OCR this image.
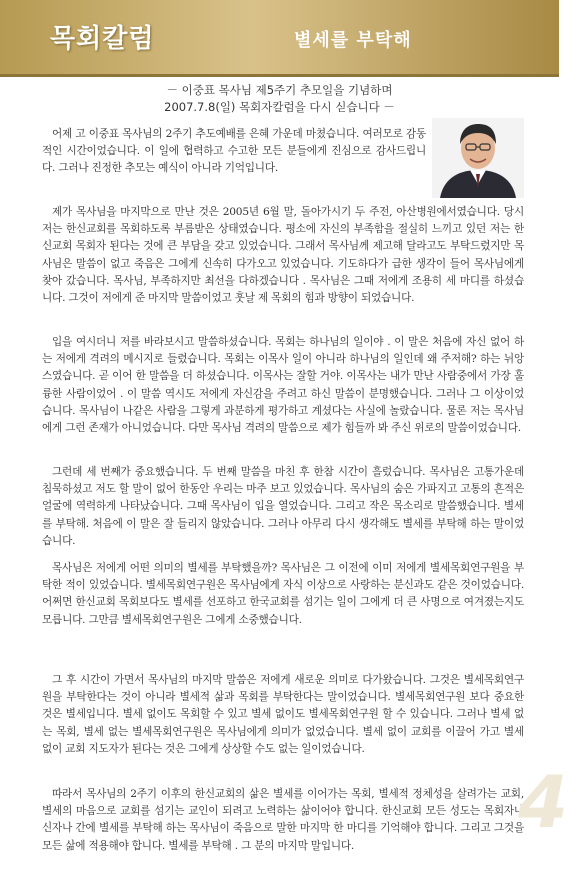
목회칼럼	별세를 부탁해
－ 이중표 목사님 제5주기 추모일을 기념하며
2007.7.8(일) 목회자칼럼을 다시 싣습니다 －

어제 고 이중표 목사님의 2주기 추도예배를 은혜 가운데 마쳤습니다. 여러모로 감동적인 시간이었습니다. 이 일에 협력하고 수고한 모든 분들에게 진심으로 감사드립니다. 그러나 진정한 추모는 예식이 아니라 기억입니다.

제가 목사님을 마지막으로 만난 것은 2005년 6월 말, 돌아가시기 두 주전, 아산병원에서였습니다. 당시 저는 한신교회를 목회하도록 부름받은 상태였습니다. 평소에 자신의 부족함을 절실히 느끼고 있던 저는 한신교회 목회자 된다는 것에 큰 부담을 갖고 있었습니다. 그래서 목사님께 제고해 달라고도 부탁드렸지만 목사님은 말씀이 없고 죽음은 그에게 신속히 다가오고 있었습니다. 기도하다가 급한 생각이 들어 목사님에게 찾아 갔습니다. 목사님, 부족하지만 최선을 다하겠습니다 . 목사님은 그때 저에게 조용히 세 마디를 하셨습니다. 그것이 저에게 준 마지막 말씀이었고 훗날 제 목회의 힘과 방향이 되었습니다.

입을 여시더니 저를 바라보시고 말씀하셨습니다. 목회는 하나님의 일이야 . 이 말은 처음에 자신 없어 하는 저에게 격려의 메시지로 들렸습니다. 목회는 이목사 일이 아니라 하나님의 일인데 왜 주저해? 하는 뉘앙스였습니다. 곧 이어 한 말씀을 더 하셨습니다. 이목사는 잘할 거야. 이목사는 내가 만난 사람중에서 가장 훌륭한 사람이었어 . 이 말씀 역시도 저에게 자신감을 주려고 하신 말씀이 분명했습니다. 그러나 그 이상이었습니다. 목사님이 나같은 사람을 그렇게 과분하게 평가하고 계셨다는 사실에 놀랐습니다. 물론 저는 목사님에게 그런 존재가 아니었습니다. 다만 목사님 격려의 말씀으로 제가 힘들까 봐 주신 위로의 말씀이었습니다.

그런데 세 번째가 중요했습니다. 두 번째 말씀을 마친 후 한참 시간이 흘렀습니다. 목사님은 고통가운데 침묵하셨고 저도 할 말이 없어 한동안 우리는 마주 보고 있었습니다. 목사님의 숨은 가파지고 고통의 흔적은 얼굴에 역력하게 나타났습니다. 그때 목사님이 입을 열었습니다. 그리고 작은 목소리로 말씀했습니다. 별세를 부탁해. 처음에 이 말은 잘 들리지 않았습니다. 그러나 아무리 다시 생각해도 별세를 부탁해 하는 말이었습니다.

목사님은 저에게 어떤 의미의 별세를 부탁했을까? 목사님은 그 이전에 이미 저에게 별세목회연구원을 부탁한 적이 있었습니다. 별세목회연구원은 목사님에게 자식 이상으로 사랑하는 분신과도 같은 것이었습니다. 어쩌면 한신교회 목회보다도 별세를 선포하고 한국교회를 섬기는 일이 그에게 더 큰 사명으로 여겨졌는지도 모릅니다. 그만큼 별세목회연구원은 그에게 소중했습니다.

그 후 시간이 가면서 목사님의 마지막 말씀은 저에게 새로운 의미로 다가왔습니다. 그것은 별세목회연구원을 부탁한다는 것이 아니라 별세적 삶과 목회를 부탁한다는 말이었습니다. 별세목회연구원 보다 중요한 것은 별세입니다. 별세 없이도 목회할 수 있고 별세 없이도 별세목회연구원 할 수 있습니다. 그러나 별세 없는 목회, 별세 없는 별세목회연구원은 목사님에게 의미가 없었습니다. 별세 없이 교회를 이끌어 가고 별세 없이 교회 지도자가 된다는 것은 그에게 상상할 수도 없는 일이었습니다.

따라서 목사님의 2주기 이후의 한신교회의 삶은 별세를 이어가는 목회, 별세적 정체성을 살려가는 교회, 별세의 마음으로 교회를 섬기는 교인이 되려고 노력하는 삶이어야 합니다. 한신교회 모든 성도는 목회자나 신자나 간에 별세를 부탁해 하는 목사님이 죽음으로 말한 마지막 한 마디를 기억해야 합니다. 그리고 그것을 모든 삶에 적용해야 합니다. 별세를 부탁해 . 그 분의 마지막 말입니다.

4
